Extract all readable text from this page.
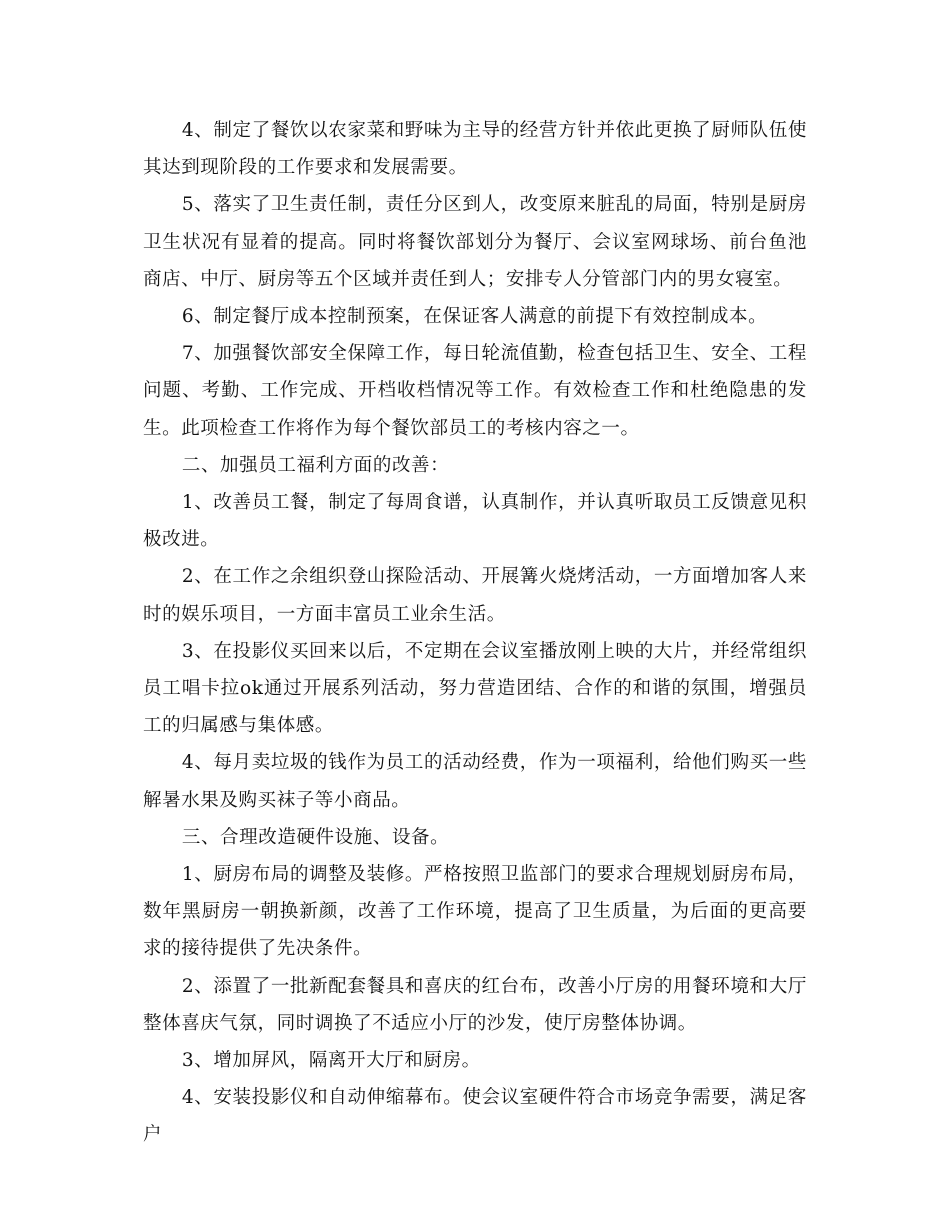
4、制定了餐饮以农家菜和野味为主导的经营方针并依此更换了厨师队伍使其达到现阶段的工作要求和发展需要。

5、落实了卫生责任制，责任分区到人，改变原来脏乱的局面，特别是厨房卫生状况有显着的提高。同时将餐饮部划分为餐厅、会议室网球场、前台鱼池商店、中厅、厨房等五个区域并责任到人；安排专人分管部门内的男女寝室。

6、制定餐厅成本控制预案，在保证客人满意的前提下有效控制成本。

7、加强餐饮部安全保障工作，每日轮流值勤，检查包括卫生、安全、工程问题、考勤、工作完成、开档收档情况等工作。有效检查工作和杜绝隐患的发生。此项检查工作将作为每个餐饮部员工的考核内容之一。

二、加强员工福利方面的改善：

1、改善员工餐，制定了每周食谱，认真制作，并认真听取员工反馈意见积极改进。

2、在工作之余组织登山探险活动、开展篝火烧烤活动，一方面增加客人来时的娱乐项目，一方面丰富员工业余生活。

3、在投影仪买回来以后，不定期在会议室播放刚上映的大片，并经常组织员工唱卡拉ok通过开展系列活动，努力营造团结、合作的和谐的氛围，增强员工的归属感与集体感。

4、每月卖垃圾的钱作为员工的活动经费，作为一项福利，给他们购买一些解暑水果及购买袜子等小商品。

三、合理改造硬件设施、设备。

1、厨房布局的调整及装修。严格按照卫监部门的要求合理规划厨房布局，数年黑厨房一朝换新颜，改善了工作环境，提高了卫生质量，为后面的更高要求的接待提供了先决条件。

2、添置了一批新配套餐具和喜庆的红台布，改善小厅房的用餐环境和大厅整体喜庆气氛，同时调换了不适应小厅的沙发，使厅房整体协调。

3、增加屏风，隔离开大厅和厨房。

4、安装投影仪和自动伸缩幕布。使会议室硬件符合市场竞争需要，满足客户
